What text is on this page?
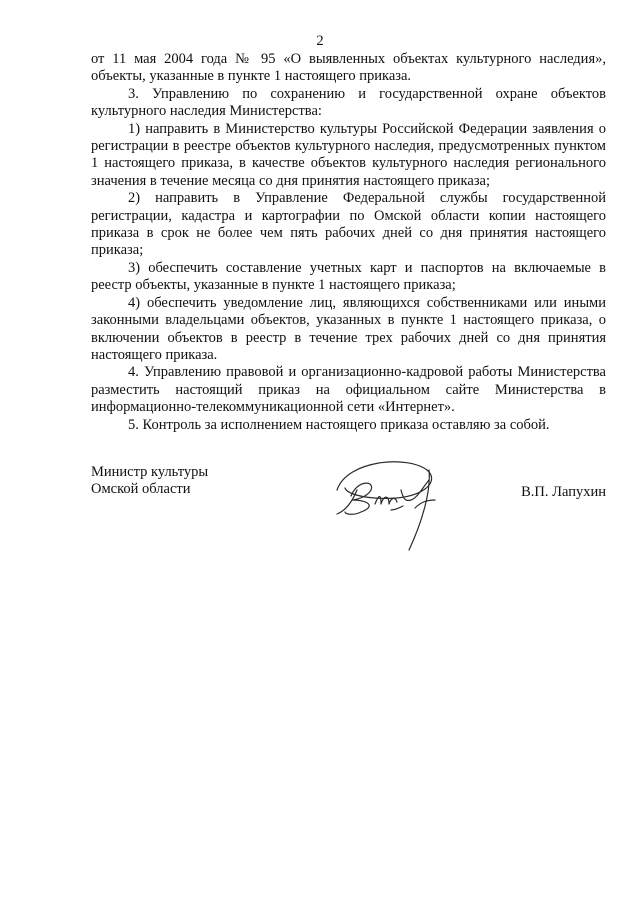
2

от 11 мая 2004 года № 95 «О выявленных объектах культурного наследия», объекты, указанные в пункте 1 настоящего приказа.

3. Управлению по сохранению и государственной охране объектов культурного наследия Министерства:

1) направить в Министерство культуры Российской Федерации заявления о регистрации в реестре объектов культурного наследия, предусмотренных пунктом 1 настоящего приказа, в качестве объектов культурного наследия регионального значения в течение месяца со дня принятия настоящего приказа;

2) направить в Управление Федеральной службы государственной регистрации, кадастра и картографии по Омской области копии настоящего приказа в срок не более чем пять рабочих дней со дня принятия настоящего приказа;

3) обеспечить составление учетных карт и паспортов на включаемые в реестр объекты, указанные в пункте 1 настоящего приказа;

4) обеспечить уведомление лиц, являющихся собственниками или иными законными владельцами объектов, указанных в пункте 1 настоящего приказа, о включении объектов в реестр в течение трех рабочих дней со дня принятия настоящего приказа.

4. Управлению правовой и организационно-кадровой работы Министерства разместить настоящий приказ на официальном сайте Министерства в информационно-телекоммуникационной сети «Интернет».

5. Контроль за исполнением настоящего приказа оставляю за собой.

Министр культуры
Омской области	В.П. Лапухин
